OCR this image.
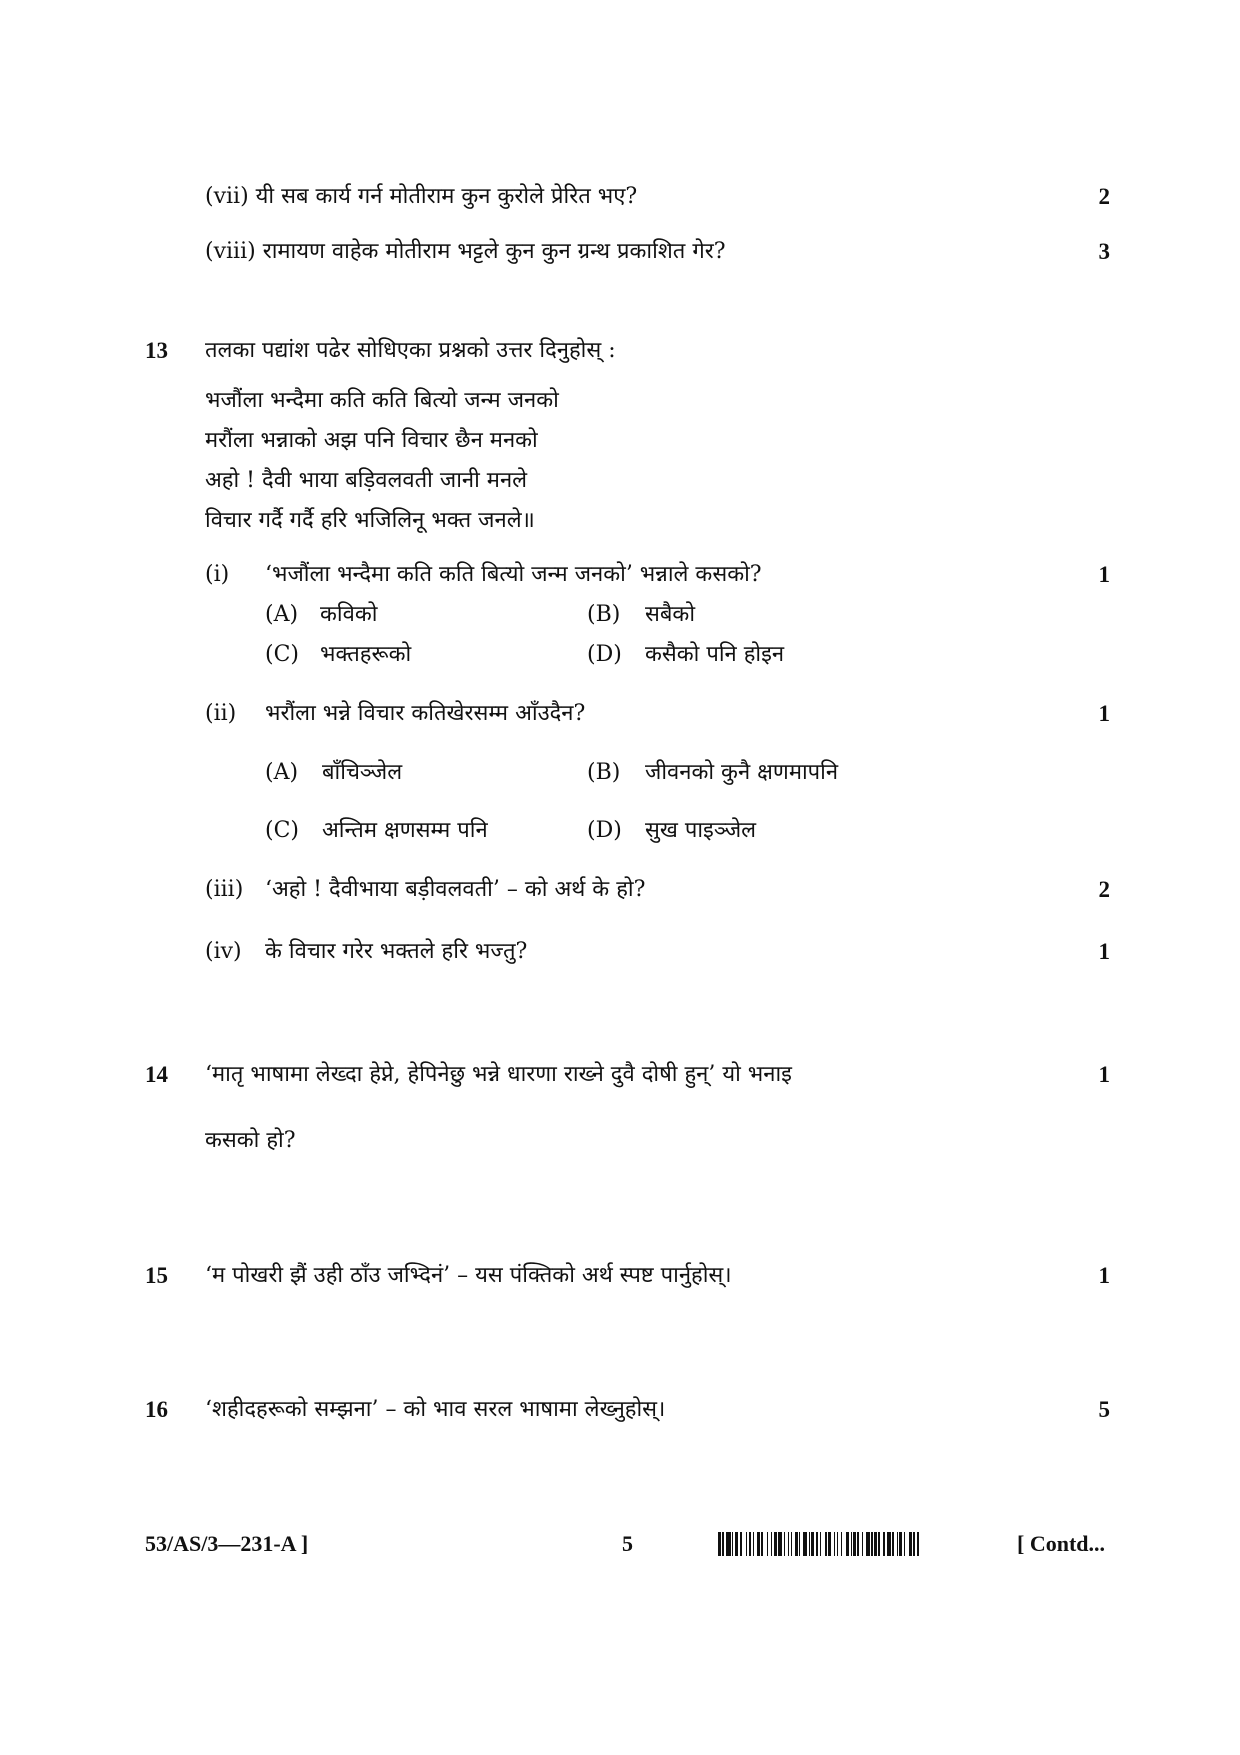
(vii) यी सब कार्य गर्न मोतीराम कुन कुरोले प्रेरित भए?	2
(viii) रामायण वाहेक मोतीराम भट्टले कुन कुन ग्रन्थ प्रकाशित गेर?	3
13 तलका पद्यांश पढेर सोधिएका प्रश्नको उत्तर दिनुहोस् :
भजौंला भन्दैमा कति कति बित्यो जन्म जनको
मरौंला भन्नाको अझ पनि विचार छैन मनको
अहो ! दैवी भाया बड़िवलवती जानी मनले
विचार गर्दै गर्दै हरि भजिलिनू भक्त जनले॥
(i) ‘भजौंला भन्दैमा कति कति बित्यो जन्म जनको’ भन्नाले कसको?	1
(A) कविको	(B) सबैको
(C) भक्तहरूको	(D) कसैको पनि होइन
(ii) भरौंला भन्ने विचार कतिखेरसम्म आँउदैन?	1
(A) बाँचिञ्जेल	(B) जीवनको कुनै क्षणमापनि
(C) अन्तिम क्षणसम्म पनि	(D) सुख पाइञ्जेल
(iii) ‘अहो ! दैवीभाया बड़ीवलवती’ – को अर्थ के हो?	2
(iv) के विचार गरेर भक्तले हरि भज्तु?	1
14 ‘मातृ भाषामा लेख्दा हेप्ने, हेपिनेछु भन्ने धारणा राख्ने दुवै दोषी हुन्’ यो भनाइ	1
कसको हो?
15 ‘म पोखरी झैं उही ठाँउ जभ्दिनं’ – यस पंक्तिको अर्थ स्पष्ट पार्नुहोस्।	1
16 ‘शहीदहरूको सम्झना’ – को भाव सरल भाषामा लेख्नुहोस्।	5
53/AS/3—231-A ]	5	[ Contd...
